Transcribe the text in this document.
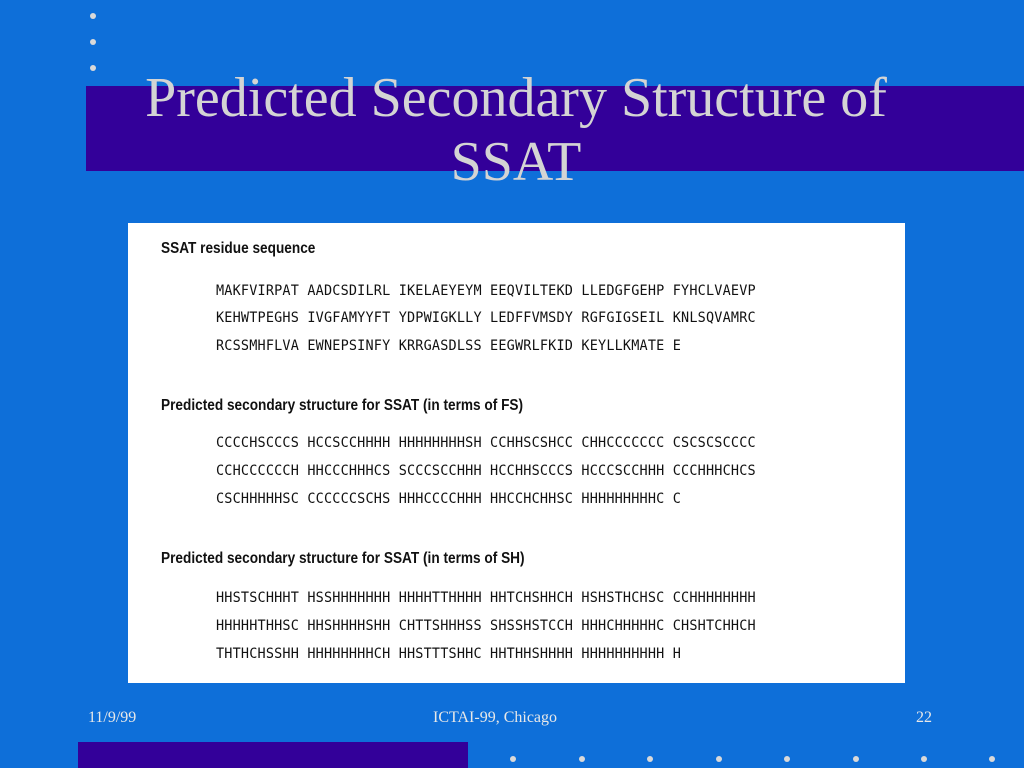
Predicted Secondary Structure of
SSAT
SSAT residue sequence
MAKFVIRPAT AADCSDILRL IKELAEYEYM EEQVILTEKD LLEDGFGEHP FYHCLVAEVP
KEHWTPEGHS IVGFAMYYFT YDPWIGKLLY LEDFFVMSDY RGFGIGSEIL KNLSQVAMRC
RCSSMHFLVA EWNEPSINFY KRRGASDLSS EEGWRLFKID KEYLLKMATE E
Predicted secondary structure for SSAT (in terms of FS)
CCCCHSCCCS HCCSCCHHHH HHHHHHHHSH CCHHSCSHCC CHHCCCCCCC CSCSCSCCCC
CCHCCCCCCH HHCCCHHHCS SCCCSCCHHH HCCHHSCCCS HCCCSCCHHH CCCHHHCHCS
CSCHHHHHSC CCCCCCSCHS HHHCCCCHHH HHCCHCHHSC HHHHHHHHHC C
Predicted secondary structure for SSAT (in terms of SH)
HHSTSCHHHT HSSHHHHHHH HHHHTTHHHH HHTCHSHHCH HSHSTHCHSC CCHHHHHHHH
HHHHHTHHSC HHSHHHHSHH CHTTSHHHSS SHSSHSTCCH HHHCHHHHHC CHSHTCHHCH
THTHCHSSHH HHHHHHHHCH HHSTTTSHHC HHTHHSHHHH HHHHHHHHHH H
11/9/99	ICTAI-99, Chicago	22
